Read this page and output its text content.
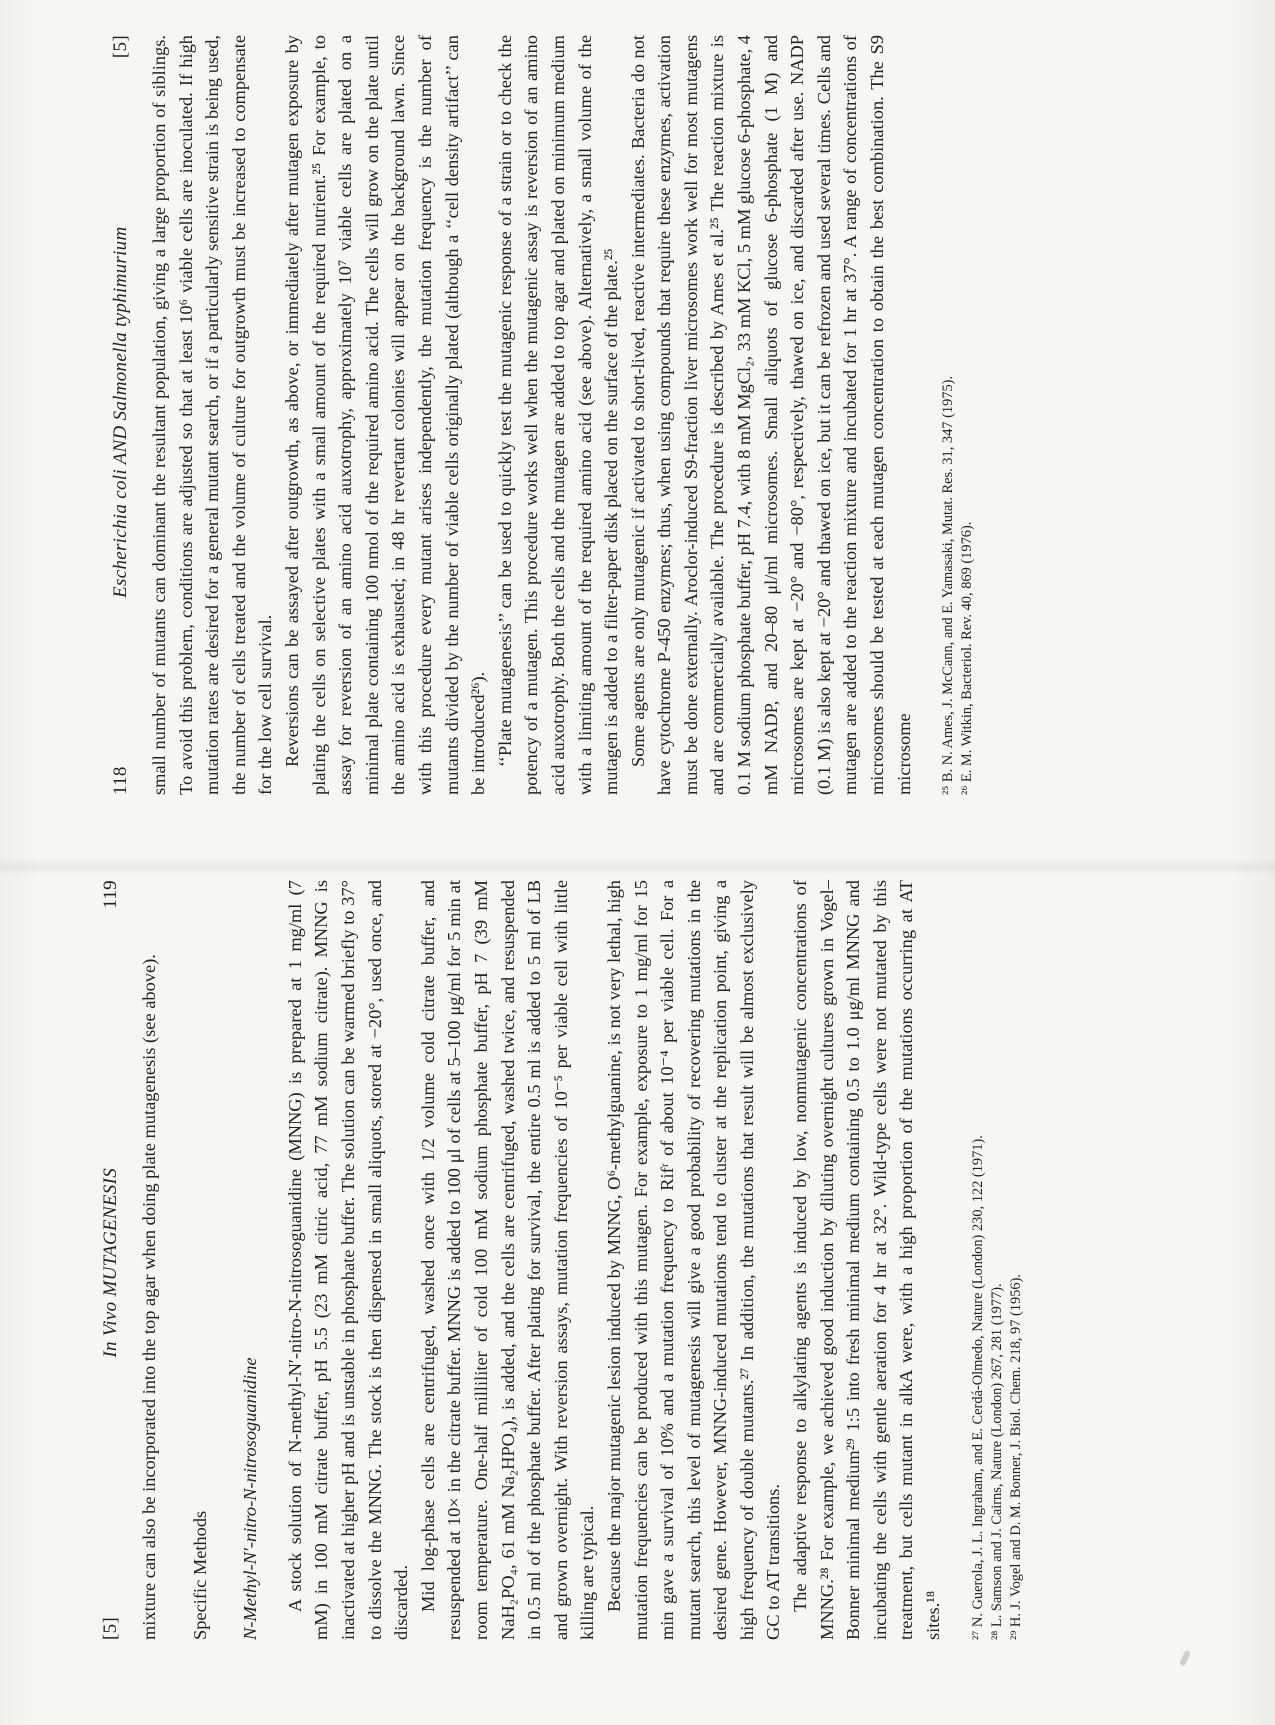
118
Escherichia coli AND Salmonella typhimurium
[5] small number of mutants can dominant the resultant population, giving a large proportion of siblings. To avoid this problem, conditions are adjusted so that at least 10⁶ viable cells are inoculated. If high mutation rates are desired for a general mutant search, or if a particularly sensitive strain is being used, the number of cells treated and the volume of culture for outgrowth must be increased to compensate for the low cell survival. Reversions can be assayed after outgrowth, as above, or immediately after mutagen exposure by plating the cells on selective plates with a small amount of the required nutrient.²⁵ For example, to assay for reversion of an amino acid auxotrophy, approximately 10⁷ viable cells are plated on a minimal plate containing 100 nmol of the required amino acid. The cells will grow on the plate until the amino acid is exhausted; in 48 hr revertant colonies will appear on the background lawn. Since with this procedure every mutant arises independently, the mutation frequency is the number of mutants divided by the number of viable cells originally plated (although a ‘‘cell density artifact’’ can be introduced²⁶). ‘‘Plate mutagenesis’’ can be used to quickly test the mutagenic response of a strain or to check the potency of a mutagen. This procedure works well when the mutagenic assay is reversion of an amino acid auxotrophy. Both the cells and the mutagen are added to top agar and plated on minimum medium with a limiting amount of the required amino acid (see above). Alternatively, a small volume of the mutagen is added to a filter-paper disk placed on the surface of the plate.²⁵ Some agents are only mutagenic if activated to short-lived, reactive intermediates. Bacteria do not have cytochrome P-450 enzymes; thus, when using compounds that require these enzymes, activation must be done externally. Aroclor-induced S9-fraction liver microsomes work well for most mutagens and are commercially available. The procedure is described by Ames et al.²⁵ The reaction mixture is 0.1 M sodium phosphate buffer, pH 7.4, with 8 mM MgCl₂, 33 mM KCl, 5 mM glucose 6-phosphate, 4 mM NADP, and 20–80 μl/ml microsomes. Small aliquots of glucose 6-phosphate (1 M) and microsomes are kept at −20° and −80°, respectively, thawed on ice, and discarded after use. NADP (0.1 M) is also kept at −20° and thawed on ice, but it can be refrozen and used several times. Cells and mutagen are added to the reaction mixture and incubated for 1 hr at 37°. A range of concentrations of microsomes should be tested at each mutagen concentration to obtain the best combination. The S9 microsome ²⁵ B. N. Ames, J. McCann, and E. Yamasaki, Mutat. Res. 31, 347 (1975). ²⁶ E. M. Witkin, Bacteriol. Rev. 40, 869 (1976).
[5]
In Vivo MUTAGENESIS
119

mixture can also be incorporated into the top agar when doing plate mutagenesis (see above). Specific Methods N-Methyl-N′-nitro-N-nitrosoguanidine A stock solution of N-methyl-N′-nitro-N-nitrosoguanidine (MNNG) is prepared at 1 mg/ml (7 mM) in 100 mM citrate buffer, pH 5.5 (23 mM citric acid, 77 mM sodium citrate). MNNG is inactivated at higher pH and is unstable in phosphate buffer. The solution can be warmed briefly to 37° to dissolve the MNNG. The stock is then dispensed in small aliquots, stored at −20°, used once, and discarded. Mid log-phase cells are centrifuged, washed once with 1/2 volume cold citrate buffer, and resuspended at 10× in the citrate buffer. MNNG is added to 100 μl of cells at 5–100 μg/ml for 5 min at room temperature. One-half milliliter of cold 100 mM sodium phosphate buffer, pH 7 (39 mM NaH₂PO₄, 61 mM Na₂HPO₄), is added, and the cells are centrifuged, washed twice, and resuspended in 0.5 ml of the phosphate buffer. After plating for survival, the entire 0.5 ml is added to 5 ml of LB and grown overnight. With reversion assays, mutation frequencies of 10⁻⁵ per viable cell with little killing are typical. Because the major mutagenic lesion induced by MNNG, O⁶-methylguanine, is not very lethal, high mutation frequencies can be produced with this mutagen. For example, exposure to 1 mg/ml for 15 min gave a survival of 10% and a mutation frequency to Rifʳ of about 10⁻⁴ per viable cell. For a mutant search, this level of mutagenesis will give a good probability of recovering mutations in the desired gene. However, MNNG-induced mutations tend to cluster at the replication point, giving a high frequency of double mutants.²⁷ In addition, the mutations that result will be almost exclusively GC to AT transitions. The adaptive response to alkylating agents is induced by low, nonmutagenic concentrations of MNNG.²⁸ For example, we achieved good induction by diluting overnight cultures grown in Vogel–Bonner minimal medium²⁹ 1:5 into fresh minimal medium containing 0.5 to 1.0 μg/ml MNNG and incubating the cells with gentle aeration for 4 hr at 32°. Wild-type cells were not mutated by this treatment, but cells mutant in alkA were, with a high proportion of the mutations occurring at AT sites.¹⁸ ²⁷ N. Guerola, J. L. Ingraham, and E. Cerdá-Olmedo, Nature (London) 230, 122 (1971). ²⁸ L. Samson and J. Cairns, Nature (London) 267, 281 (1977). ²⁹ H. J. Vogel and D. M. Bonner, J. Biol. Chem. 218, 97 (1956).
